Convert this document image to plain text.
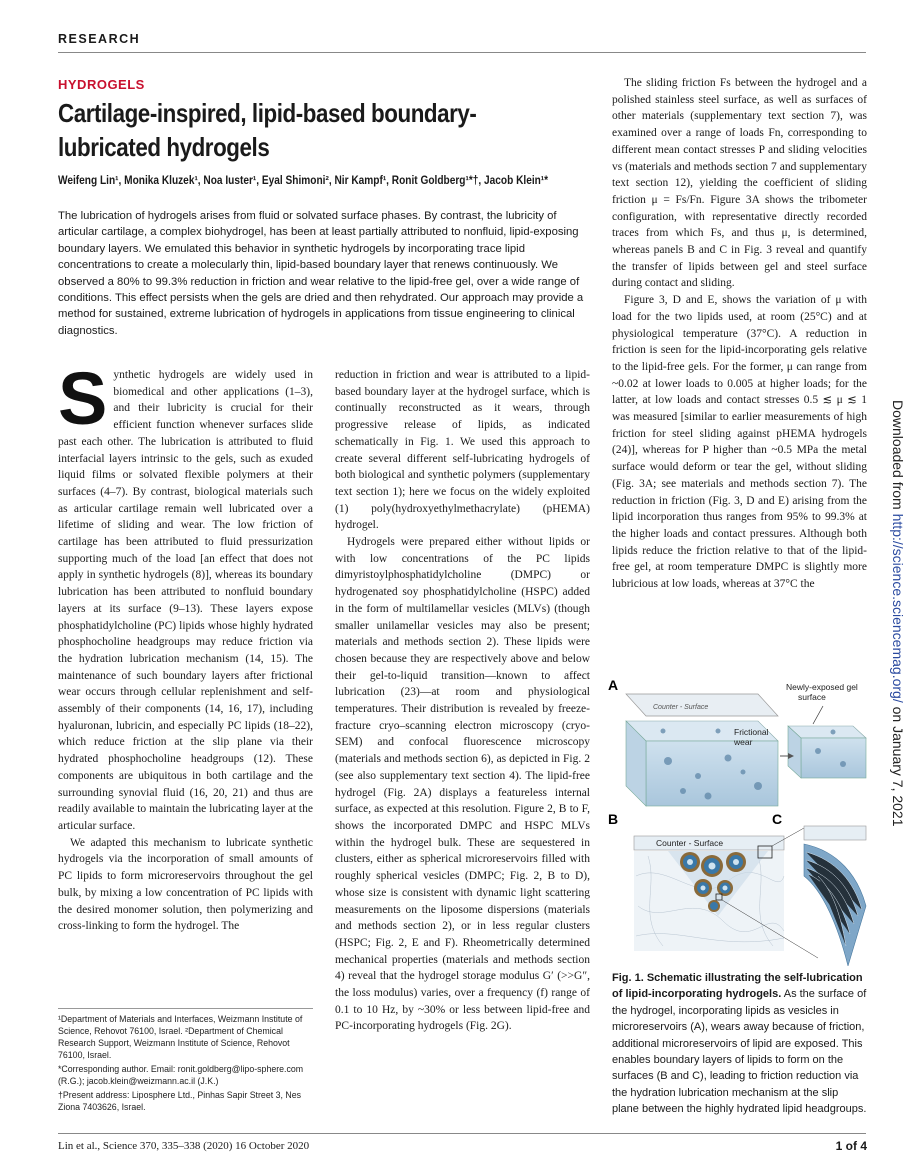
RESEARCH
HYDROGELS
Cartilage-inspired, lipid-based boundary-lubricated hydrogels
Weifeng Lin¹, Monika Kluzek¹, Noa Iuster¹, Eyal Shimoni², Nir Kampf¹, Ronit Goldberg¹*†, Jacob Klein¹*

The lubrication of hydrogels arises from fluid or solvated surface phases. By contrast, the lubricity of articular cartilage, a complex biohydrogel, has been at least partially attributed to nonfluid, lipid-exposing boundary layers. We emulated this behavior in synthetic hydrogels by incorporating trace lipid concentrations to create a molecularly thin, lipid-based boundary layer that renews continuously. We observed a 80% to 99.3% reduction in friction and wear relative to the lipid-free gel, over a wide range of conditions. This effect persists when the gels are dried and then rehydrated. Our approach may provide a method for sustained, extreme lubrication of hydrogels in applications from tissue engineering to clinical diagnostics.

Synthetic hydrogels are widely used in biomedical and other applications (1–3), and their lubricity is crucial for their efficient function whenever surfaces slide past each other. The lubrication is attributed to fluid interfacial layers intrinsic to the gels, such as exuded liquid films or solvated flexible polymers at their surfaces (4–7). By contrast, biological materials such as articular cartilage remain well lubricated over a lifetime of sliding and wear. The low friction of cartilage has been attributed to fluid pressurization supporting much of the load [an effect that does not apply in synthetic hydrogels (8)], whereas its boundary lubrication has been attributed to nonfluid boundary layers at its surface (9–13). These layers expose phosphatidylcholine (PC) lipids whose highly hydrated phosphocholine headgroups may reduce friction via the hydration lubrication mechanism (14, 15). The maintenance of such boundary layers after frictional wear occurs through cellular replenishment and self-assembly of their components (14, 16, 17), including hyaluronan, lubricin, and especially PC lipids (18–22), which reduce friction at the slip plane via their hydrated phosphocholine headgroups (12). These components are ubiquitous in both cartilage and the surrounding synovial fluid (16, 20, 21) and thus are readily available to maintain the lubricating layer at the articular surface.

We adapted this mechanism to lubricate synthetic hydrogels via the incorporation of small amounts of PC lipids to form microreservoirs throughout the gel bulk, by mixing a low concentration of PC lipids with the desired monomer solution, then polymerizing and cross-linking to form the hydrogel. The

reduction in friction and wear is attributed to a lipid-based boundary layer at the hydrogel surface, which is continually reconstructed as it wears, through progressive release of lipids, as indicated schematically in Fig. 1. We used this approach to create several different self-lubricating hydrogels of both biological and synthetic polymers (supplementary text section 1); here we focus on the widely exploited (1) poly(hydroxyethylmethacrylate) (pHEMA) hydrogel.

Hydrogels were prepared either without lipids or with low concentrations of the PC lipids dimyristoylphosphatidylcholine (DMPC) or hydrogenated soy phosphatidylcholine (HSPC) added in the form of multilamellar vesicles (MLVs) (though smaller unilamellar vesicles may also be present; materials and methods section 2). These lipids were chosen because they are respectively above and below their gel-to-liquid transition—known to affect lubrication (23)—at room and physiological temperatures. Their distribution is revealed by freeze-fracture cryo–scanning electron microscopy (cryo-SEM) and confocal fluorescence microscopy (materials and methods section 6), as depicted in Fig. 2 (see also supplementary text section 4). The lipid-free hydrogel (Fig. 2A) displays a featureless internal surface, as expected at this resolution. Figure 2, B to F, shows the incorporated DMPC and HSPC MLVs within the hydrogel bulk. These are sequestered in clusters, either as spherical microreservoirs filled with roughly spherical vesicles (DMPC; Fig. 2, B to D), whose size is consistent with dynamic light scattering measurements on the liposome dispersions (materials and methods section 2), or in less regular clusters (HSPC; Fig. 2, E and F). Rheometrically determined mechanical properties (materials and methods section 4) reveal that the hydrogel storage modulus G′ (>>G″, the loss modulus) varies, over a frequency (f) range of 0.1 to 10 Hz, by ~30% or less between lipid-free and PC-incorporating hydrogels (Fig. 2G).

The sliding friction Fs between the hydrogel and a polished stainless steel surface, as well as surfaces of other materials (supplementary text section 7), was examined over a range of loads Fn, corresponding to different mean contact stresses P and sliding velocities vs (materials and methods section 7 and supplementary text section 12), yielding the coefficient of sliding friction μ = Fs/Fn. Figure 3A shows the tribometer configuration, with representative directly recorded traces from which Fs, and thus μ, is determined, whereas panels B and C in Fig. 3 reveal and quantify the transfer of lipids between gel and steel surface during contact and sliding.

Figure 3, D and E, shows the variation of μ with load for the two lipids used, at room (25°C) and at physiological temperature (37°C). A reduction in friction is seen for the lipid-incorporating gels relative to the lipid-free gels. For the former, μ can range from ~0.02 at lower loads to 0.005 at higher loads; for the latter, at low loads and contact stresses 0.5 ≲ μ ≲ 1 was measured [similar to earlier measurements of high friction for steel sliding against pHEMA hydrogels (24)], whereas for P higher than ~0.5 MPa the metal surface would deform or tear the gel, without sliding (Fig. 3A; see materials and methods section 7). The reduction in friction (Fig. 3, D and E) arising from the lipid incorporation thus ranges from 95% to 99.3% at the higher loads and contact pressures. Although both lipids reduce the friction relative to that of the lipid-free gel, at room temperature DMPC is slightly more lubricious at low loads, whereas at 37°C the

A
Counter - Surface
Frictional wear
Newly-exposed gel surface
B
Counter - Surface
C

Fig. 1. Schematic illustrating the self-lubrication of lipid-incorporating hydrogels. As the surface of the hydrogel, incorporating lipids as vesicles in microreservoirs (A), wears away because of friction, additional microreservoirs of lipid are exposed. This enables boundary layers of lipids to form on the surfaces (B and C), leading to friction reduction via the hydration lubrication mechanism at the slip plane between the highly hydrated lipid headgroups.

¹Department of Materials and Interfaces, Weizmann Institute of Science, Rehovot 76100, Israel. ²Department of Chemical Research Support, Weizmann Institute of Science, Rehovot 76100, Israel.

*Corresponding author. Email: ronit.goldberg@lipo-sphere.com (R.G.); jacob.klein@weizmann.ac.il (J.K.)

†Present address: Liposphere Ltd., Pinhas Sapir Street 3, Nes Ziona 7403626, Israel.

Lin et al., Science 370, 335–338 (2020) 16 October 2020	1 of 4
Downloaded from http://science.sciencemag.org/ on January 7, 2021
